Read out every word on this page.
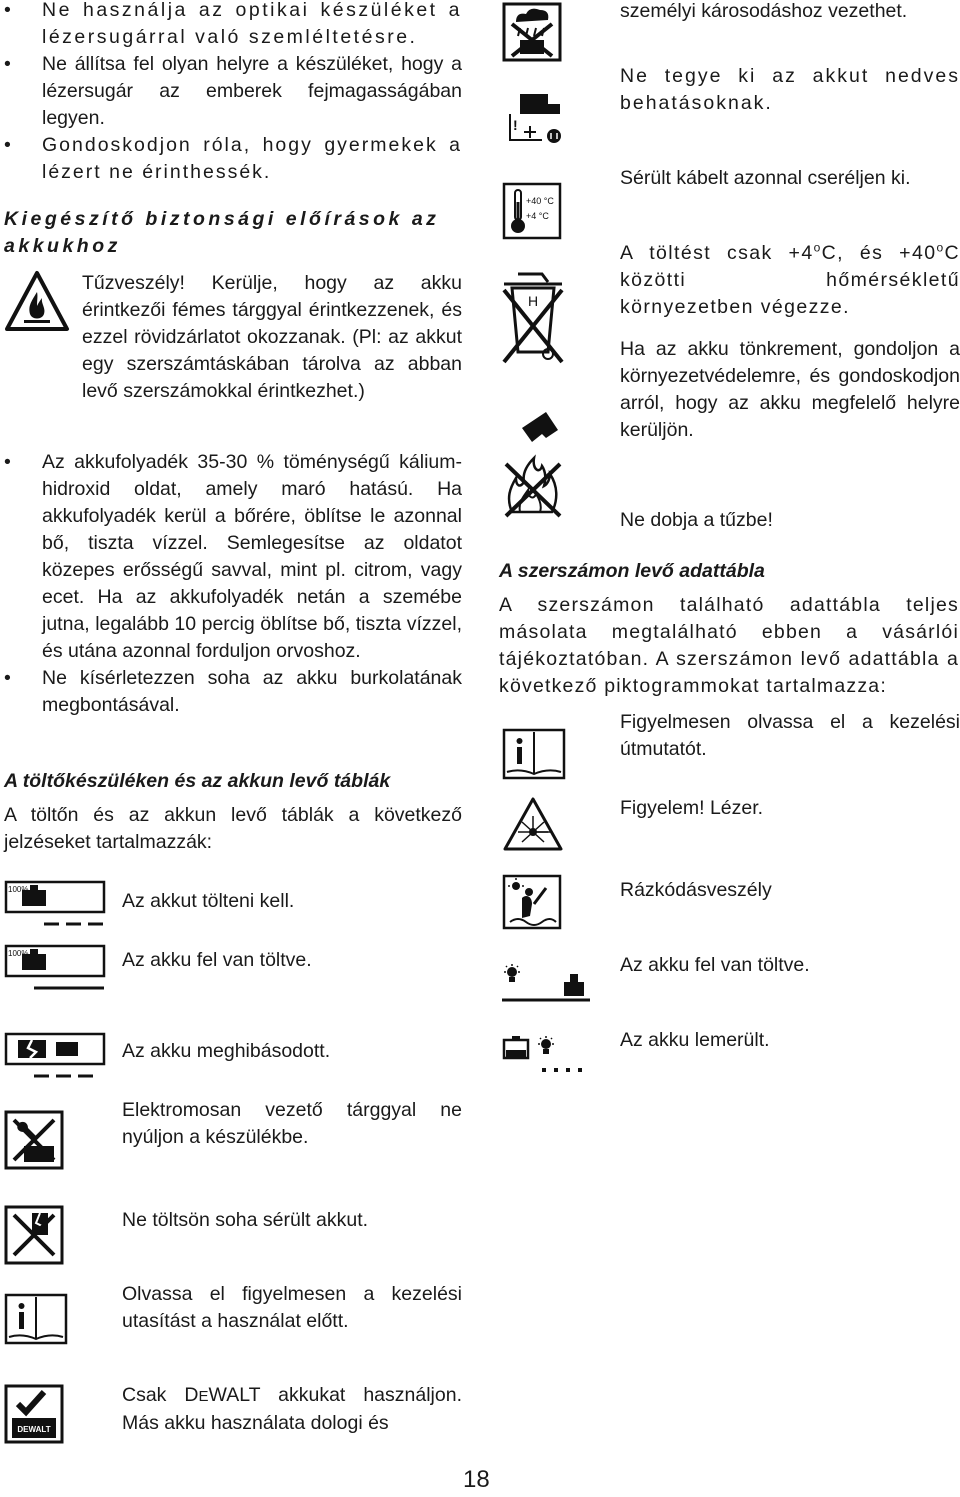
• Ne használja az optikai készüléket a lézersugárral való szemléltetésre.
• Ne állítsa fel olyan helyre a készüléket, hogy a lézersugár az emberek fejmagasságában legyen.
• Gondoskodjon róla, hogy gyermekek a lézert ne érinthessék.

Kiegészítő biztonsági előírások az akkukhoz

Tűzveszély! Kerülje, hogy az akku érintkezői fémes tárggyal érintkezzenek, és ezzel rövidzárlatot okozzanak. (Pl: az akkut egy szerszámtáskában tárolva az abban levő szerszámokkal érintkezhet.)

• Az akkufolyadék 35-30 % töménységű kálium-hidroxid oldat, amely maró hatású. Ha akkufolyadék kerül a bőrére, öblítse le azonnal bő, tiszta vízzel. Semlegesítse az oldatot közepes erősségű savval, mint pl. citrom, vagy ecet. Ha az akkufolyadék netán a szemébe jutna, legalább 10 percig öblítse bő, tiszta vízzel, és utána azonnal forduljon orvoshoz.
• Ne kísérletezzen soha az akku burkolatának megbontásával.

A töltőkészüléken és az akkun levő táblák

A töltőn és az akkun levő táblák a következő jelzéseket tartalmazzák:

100%

Az akkut tölteni kell.

100%	Az akku fel van töltve.

Az akku meghibásodott.

Elektromosan vezető tárggyal ne nyúljon a készülékbe.

Ne töltsön soha sérült akkut.

Olvassa el figyelmesen a kezelési utasítást a használat előtt.

DEWALT

Csak DEWALT akkukat használjon. Más akku használata dologi és

személyi károsodáshoz vezethet.

Ne tegye ki az akkut nedves behatásoknak.

!

Sérült kábelt azonnal cseréljen ki.

+40 °C
+4 °C

A töltést csak $+4^oC$, és $+40^oC$ közötti hőmérsékletű környezetben végezze.

H

Ha az akku tönkrement, gondoljon a környezetvédelemre, és gondoskodjon arról, hogy az akku megfelelő helyre kerüljön.

Ne dobja a tűzbe!

A szerszámon levő adattábla

A szerszámon található adattábla teljes másolata megtalálható ebben a vásárlói tájékoztatóban. A szerszámon levő adattábla a következő piktogrammokat tartalmazza:

Figyelmesen olvassa el a kezelési útmutatót.

Figyelem! Lézer.

Rázkódásveszély

Az akku fel van töltve.

Az akku lemerült.

18
